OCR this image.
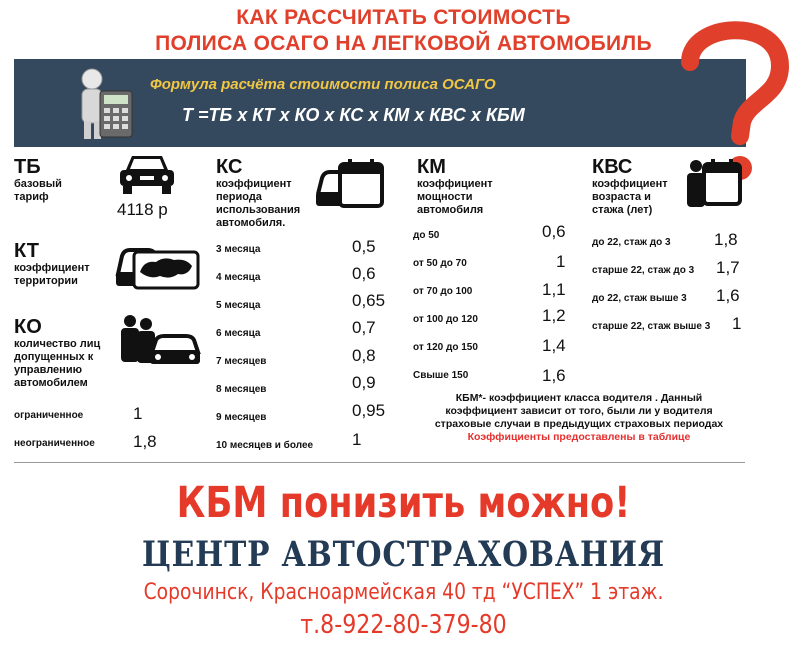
КАК РАССЧИТАТЬ СТОИМОСТЬ
ПОЛИСА ОСАГО НА ЛЕГКОВОЙ АВТОМОБИЛЬ
Формула расчёта стоимости полиса ОСАГО
Т =ТБ х КТ х КО х КС х КМ х КВС х КБМ
ТБ
базовый тариф
4118 р
КТ
коэффициент территории
КО
количество лиц допущенных к управлению автомобилем
ограниченное	1
неограниченное 1,8
КС
коэффициент периода использования автомобиля.
3 месяца	0,5
4 месяца	0,6
5 месяца	0,65
6 месяца	0,7
7 месяцев	0,8
8 месяцев	0,9
9 месяцев	0,95
10 месяцев и более 1
КМ
коэффициент мощности автомобиля
до 50	0,6
от 50 до 70	1
от 70 до 100	1,1
от 100 до 120	1,2
от 120 до 150	1,4
Свыше 150	1,6
КВС
коэффициент возраста и стажа (лет)
до 22, стаж до 3	1,8
старше 22, стаж до 3 1,7
до 22, стаж выше 3 1,6
старше 22, стаж выше 3 1
КБМ*- коэффициент класса водителя . Данный
коэффициент зависит от того, были ли у водителя
страховые случаи в предыдущих страховых периодах
Коэффициенты предоставлены в таблице
КБМ понизить можно!
ЦЕНТР АВТОСТРАХОВАНИЯ
Сорочинск, Красноармейская 40 тд “УСПЕХ” 1 этаж.
т.8-922-80-379-80
